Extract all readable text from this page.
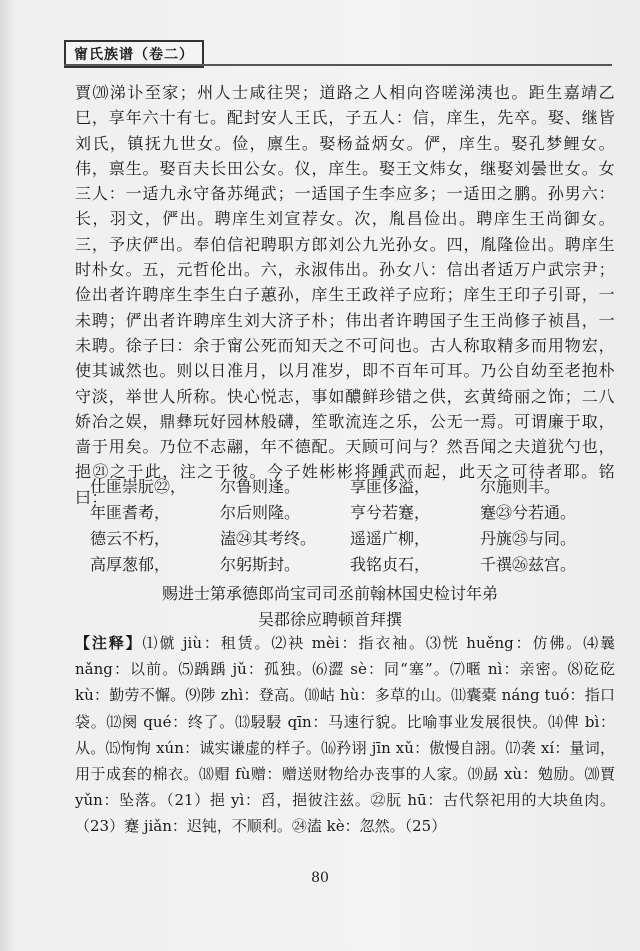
甯氏族谱（卷二）

賈⒇涕讣至家；州人士咸往哭；道路之人相向咨嗟涕洟也。距生嘉靖乙巳，享年六十有七。配封安人王氏，子五人：信，庠生，先卒。娶、继皆刘氏，镇抚九世女。俭，廪生。娶杨益炳女。俨，庠生。娶孔梦鲤女。伟，禀生。娶百夫长田公女。仪，庠生。娶王文炜女，继娶刘曇世女。女三人：一适九永守备苏绳武；一适国子生李应多；一适田之鹏。孙男六：长，羽文，俨出。聘庠生刘宣荐女。次，胤昌俭出。聘庠生王尚御女。三，予庆俨出。奉伯信祀聘职方郎刘公九光孙女。四，胤隆俭出。聘庠生时朴女。五，元哲伦出。六，永淑伟出。孙女八：信出者适万户武宗尹；俭出者许聘庠生李生白子蕙孙，庠生王政祥子应珩；庠生王印子引哥，一未聘；俨出者许聘庠生刘大济子朴；伟出者许聘国子生王尚修子祯昌，一未聘。徐子曰：余于甯公死而知天之不可问也。古人称取精多而用物宏，使其诚然也。则以日准月，以月准岁，即不百年可耳。乃公自幼至老抱朴守淡，举世人所称。快心悦志，事如醲鲜珍错之供，玄黄绮丽之饰；二八娇冶之娱，鼎彝玩好园林般礴，笙歌流连之乐，公无一焉。可谓廉于取，啬于用矣。乃位不志翮，年不德配。天顾可问与？然吾闻之夫道犹勺也，挹㉑之于此，注之于彼。今子姓彬彬将踵武而起，此天之可待者耶。铭曰：

仕匪崇朊㉒，	尔鲁则逢。	享匪侈溢，	尔施则丰。
年匪耆耇，	尔后则隆。	亨兮若蹇，	蹇㉓兮若通。
德云不朽，	溘㉔其考终。	遥遥广柳，	丹旐㉕与同。
高厚葱郁，	尔躬斯封。	我铭贞石，	千禩㉖兹宫。
赐进士第承德郎尚宝司司丞前翰林国史检讨年弟
吴郡徐应聘顿首拜撰

【注释】⑴僦 jiù：租赁。⑵袂 mèi：指衣袖。⑶恍 huěng：仿佛。⑷曩 nǎng：以前。⑸踽踽 jǔ：孤独。⑹澀 sè：同“塞”。⑺暱 nì：亲密。⑻矻矻 kù：勤劳不懈。⑼陟 zhì：登高。⑽岵 hù：多草的山。⑾囊橐 náng tuó：指口袋。⑿阕 qué：终了。⒀駸駸 qīn：马速行貌。比喻事业发展很快。⒁俾 bì：从。⒂恂恂 xún：诚实谦虚的样子。⒃矜诩 jīn xǔ：傲慢自詡。⒄袭 xí：量词，用于成套的棉衣。⒅赗 fù赠：赠送财物给办丧事的人家。⒆勗 xù：勉励。⒇賈 yǔn：坠落。（21）挹 yì：舀，挹彼注兹。㉒朊 hū：古代祭祀用的大块鱼肉。（23）蹇 jiǎn：迟钝，不顺利。㉔溘 kè：忽然。（25）

80
